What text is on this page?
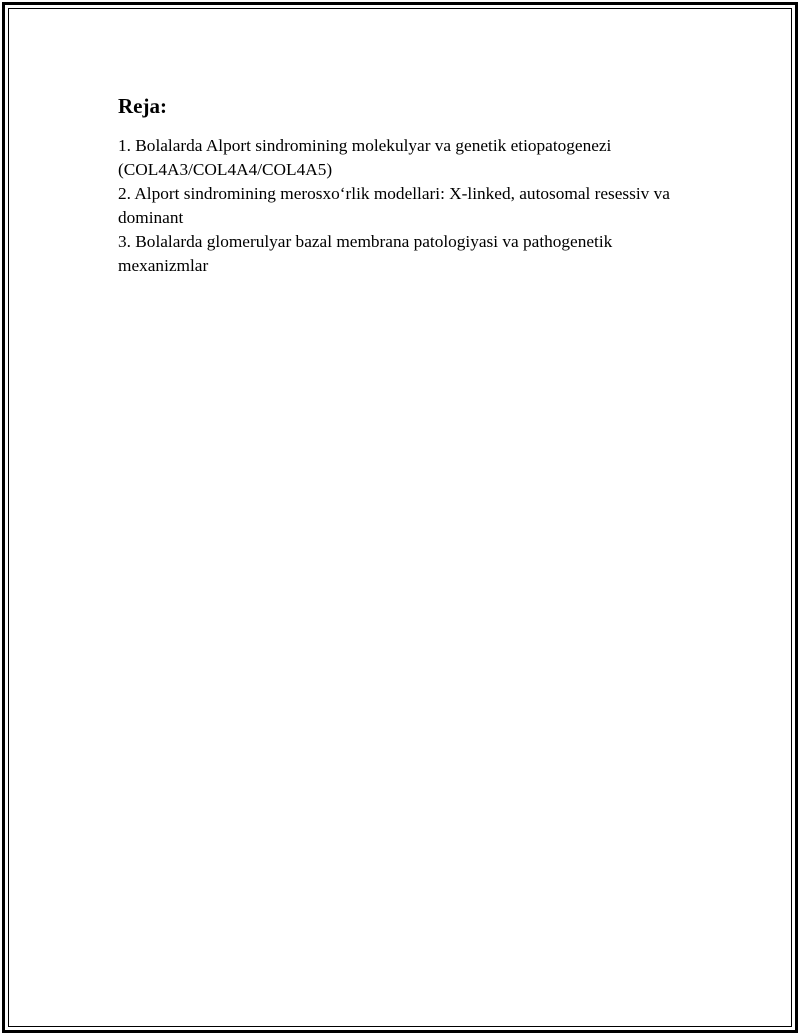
Reja:
1. Bolalarda Alport sindromining molekulyar va genetik etiopatogenezi (COL4A3/COL4A4/COL4A5)
2. Alport sindromining merosxo‘rlik modellari: X-linked, autosomal resessiv va dominant
3. Bolalarda glomerulyar bazal membrana patologiyasi va pathogenetik mexanizmlar
